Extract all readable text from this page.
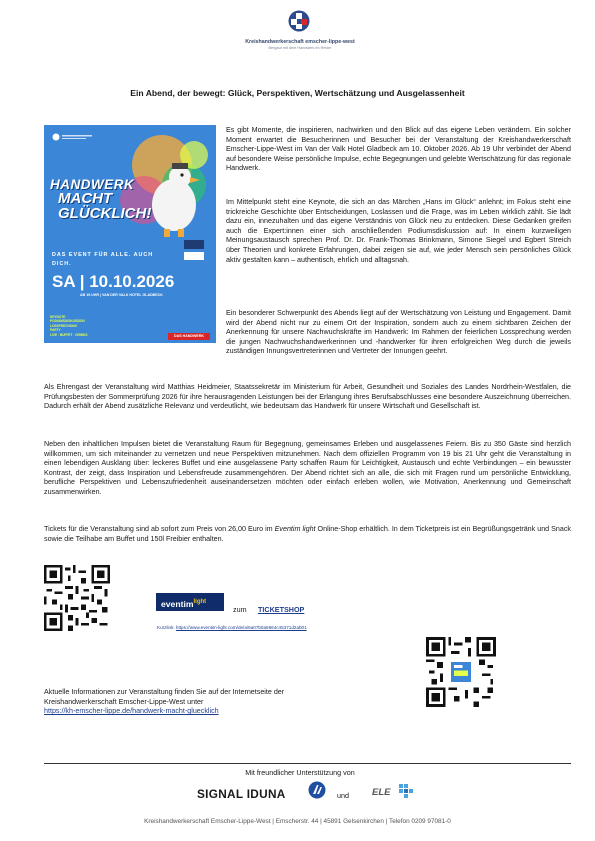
Kreishandwerkerschaft emscher-lippe-west
Bergauf mit dem Handwerk im Revier
Ein Abend, der bewegt: Glück, Perspektiven, Wertschätzung und Ausgelassenheit
HANDWERK
MACHT GLÜCKLICH!
DAS EVENT FÜR ALLE. AUCH DICH.
SA | 10.10.2026
AB 19 UHR | VAN DER VALK HOTEL GLADBECK
KEYNOTE
PODIUMSDISKUSSION
LOSSPRECHUNG
PARTY
LIVE · BUFFET · DRINKS	DAS HANDWERK
Es gibt Momente, die inspirieren, nachwirken und den Blick auf das eigene Leben verändern. Ein solcher Moment erwartet die Besucherinnen und Besucher bei der Veranstaltung der Kreishandwerkerschaft Emscher-Lippe-West im Van der Valk Hotel Gladbeck am 10. Oktober 2026. Ab 19 Uhr verbindet der Abend auf besondere Weise persönliche Impulse, echte Begegnungen und gelebte Wertschätzung für das regionale Handwerk.
Im Mittelpunkt steht eine Keynote, die sich an das Märchen „Hans im Glück“ anlehnt; im Fokus steht eine trickreiche Geschichte über Entscheidungen, Loslassen und die Frage, was im Leben wirklich zählt. Sie lädt dazu ein, innezuhalten und das eigene Verständnis von Glück neu zu entdecken. Diese Gedanken greifen auch die Expert:innen einer sich anschließenden Podiumsdiskussion auf: In einem kurzweiligen Meinungsaustausch sprechen Prof. Dr. Dr. Frank-Thomas Brinkmann, Simone Siegel und Egbert Streich über Theorien und konkrete Erfahrungen, dabei zeigen sie auf, wie jeder Mensch sein persönliches Glück aktiv gestalten kann – authentisch, ehrlich und alltagsnah.
Ein besonderer Schwerpunkt des Abends liegt auf der Wertschätzung von Leistung und Engagement. Damit wird der Abend nicht nur zu einem Ort der Inspiration, sondern auch zu einem sichtbaren Zeichen der Anerkennung für unsere Nachwuchskräfte im Handwerk: Im Rahmen der feierlichen Lossprechung werden die jungen Nachwuchshandwerkerinnen und -handwerker für ihren erfolgreichen Weg durch die jeweils zuständigen Innungsvertreterinnen und Vertreter der Innungen geehrt.
Als Ehrengast der Veranstaltung wird Matthias Heidmeier, Staatssekretär im Ministerium für Arbeit, Gesundheit und Soziales des Landes Nordrhein-Westfalen, die Prüfungsbesten der Sommerprüfung 2026 für ihre herausragenden Leistungen bei der Erlangung ihres Berufsabschlusses eine besondere Auszeichnung überreichen. Dadurch erhält der Abend zusätzliche Relevanz und verdeutlicht, wie bedeutsam das Handwerk für unsere Wirtschaft und Gesellschaft ist.
Neben den inhaltlichen Impulsen bietet die Veranstaltung Raum für Begegnung, gemeinsames Erleben und ausgelassenes Feiern. Bis zu 350 Gäste sind herzlich willkommen, um sich miteinander zu vernetzen und neue Perspektiven mitzunehmen. Nach dem offiziellen Programm von 19 bis 21 Uhr geht die Veranstaltung in einen lebendigen Ausklang über: leckeres Buffet und eine ausgelassene Party schaffen Raum für Leichtigkeit, Austausch und echte Verbindungen – ein bewusster Kontrast, der zeigt, dass Inspiration und Lebensfreude zusammengehören. Der Abend richtet sich an alle, die sich mit Fragen rund um persönliche Entwicklung, berufliche Perspektiven und Lebenszufriedenheit auseinandersetzen möchten oder einfach erleben wollen, wie Motivation, Anerkennung und Gemeinschaft zusammenwirken.
Tickets für die Veranstaltung sind ab sofort zum Preis von 26,00 Euro im Eventim light Online-Shop erhältlich. In dem Ticketpreis ist ein Begrüßungsgetränk und Snack sowie die Teilhabe am Buffet und 150l Freibier enthalten.
eventim$^{light}$
zum TICKETSHOP
Kurzlink: https://www.eventim-light.com/de/a/6a07b0a5664c45371d2ab01
Aktuelle Informationen zur Veranstaltung finden Sie auf der Internetseite der Kreishandwerkerschaft Emscher-Lippe-West unter
https://kh-emscher-lippe.de/handwerk-macht-gluecklich
Mit freundlicher Unterstützung von
SIGNAL IDUNA	und ELE
Kreishandwerkerschaft Emscher-Lippe-West | Emscherstr. 44 | 45891 Gelsenkirchen | Telefon 0209 97081-0
